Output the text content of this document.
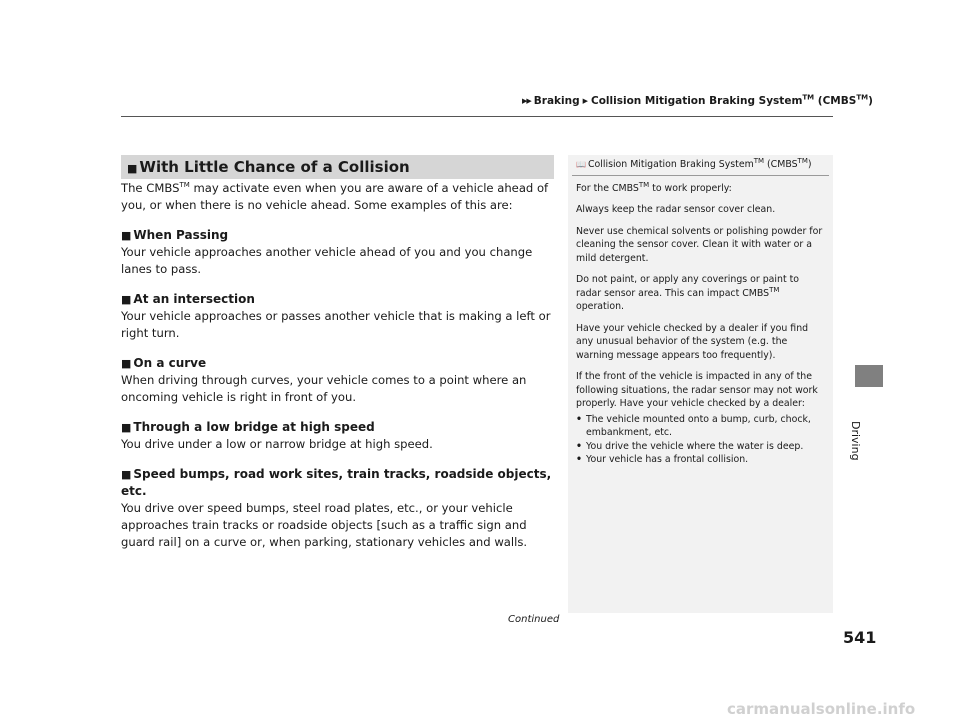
▶▶ Braking ▶ Collision Mitigation Braking System™ (CMBS™)
Driving
■ With Little Chance of a Collision

The CMBS™ may activate even when you are aware of a vehicle ahead of you, or when there is no vehicle ahead. Some examples of this are:

■ When Passing
Your vehicle approaches another vehicle ahead of you and you change lanes to pass.
■ At an intersection
Your vehicle approaches or passes another vehicle that is making a left or right turn.
■ On a curve
When driving through curves, your vehicle comes to a point where an oncoming vehicle is right in front of you.
■ Through a low bridge at high speed
You drive under a low or narrow bridge at high speed.
■ Speed bumps, road work sites, train tracks, roadside objects, etc.
You drive over speed bumps, steel road plates, etc., or your vehicle approaches train tracks or roadside objects [such as a traffic sign and guard rail] on a curve or, when parking, stationary vehicles and walls.
📖 Collision Mitigation Braking System™ (CMBS™)

For the CMBS™ to work properly:

Always keep the radar sensor cover clean.

Never use chemical solvents or polishing powder for cleaning the sensor cover. Clean it with water or a mild detergent.

Do not paint, or apply any coverings or paint to radar sensor area. This can impact CMBS™ operation.

Have your vehicle checked by a dealer if you find any unusual behavior of the system (e.g. the warning message appears too frequently).

If the front of the vehicle is impacted in any of the following situations, the radar sensor may not work properly. Have your vehicle checked by a dealer:

• The vehicle mounted onto a bump, curb, chock, embankment, etc.
• You drive the vehicle where the water is deep.
• Your vehicle has a frontal collision.
Continued
541
carmanualsonline.info
